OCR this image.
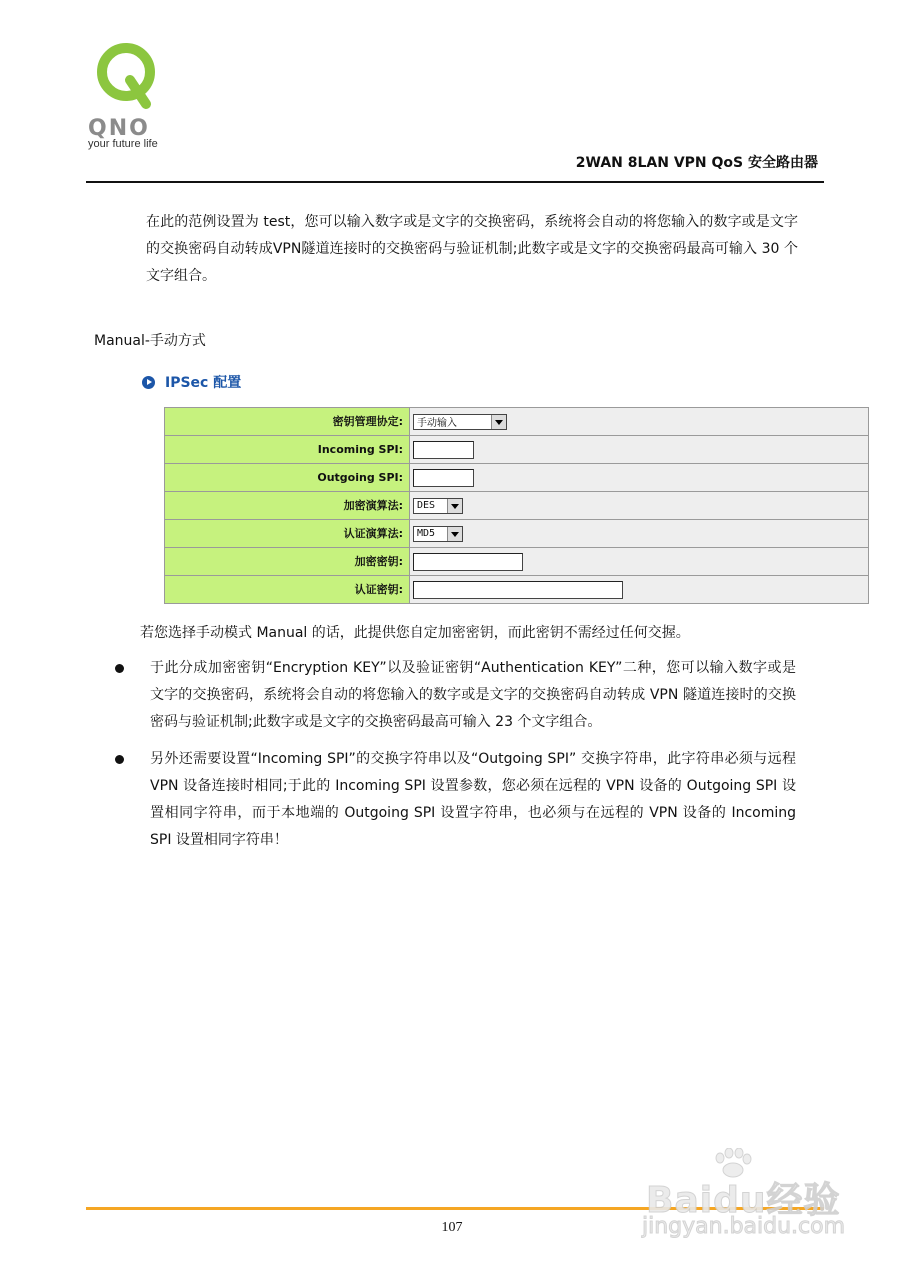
QNO
your future life
2WAN 8LAN VPN QoS 安全路由器
在此的范例设置为 test，您可以输入数字或是文字的交换密码，系统将会自动的将您输入的数字或是文字的交换密码自动转成VPN隧道连接时的交换密码与验证机制;此数字或是文字的交换密码最高可输入 30 个文字组合。
Manual-手动方式
IPSec 配置
密钥管理协定:	手动输入
Incoming SPI:
Outgoing SPI:
加密演算法:	DES
认证演算法:	MD5
加密密钥:
认证密钥:
若您选择手动模式 Manual 的话，此提供您自定加密密钥，而此密钥不需经过任何交握。
于此分成加密密钥“Encryption KEY”以及验证密钥“Authentication KEY”二种，您可以输入数字或是文字的交换密码，系统将会自动的将您输入的数字或是文字的交换密码自动转成 VPN 隧道连接时的交换密码与验证机制;此数字或是文字的交换密码最高可输入 23 个文字组合。
另外还需要设置“Incoming SPI”的交换字符串以及“Outgoing SPI” 交换字符串，此字符串必须与远程 VPN 设备连接时相同;于此的 Incoming SPI 设置参数，您必须在远程的 VPN 设备的 Outgoing SPI 设置相同字符串，而于本地端的 Outgoing SPI 设置字符串，也必须与在远程的 VPN 设备的 Incoming SPI 设置相同字符串！
107
Baidu经验
jingyan.baidu.com
